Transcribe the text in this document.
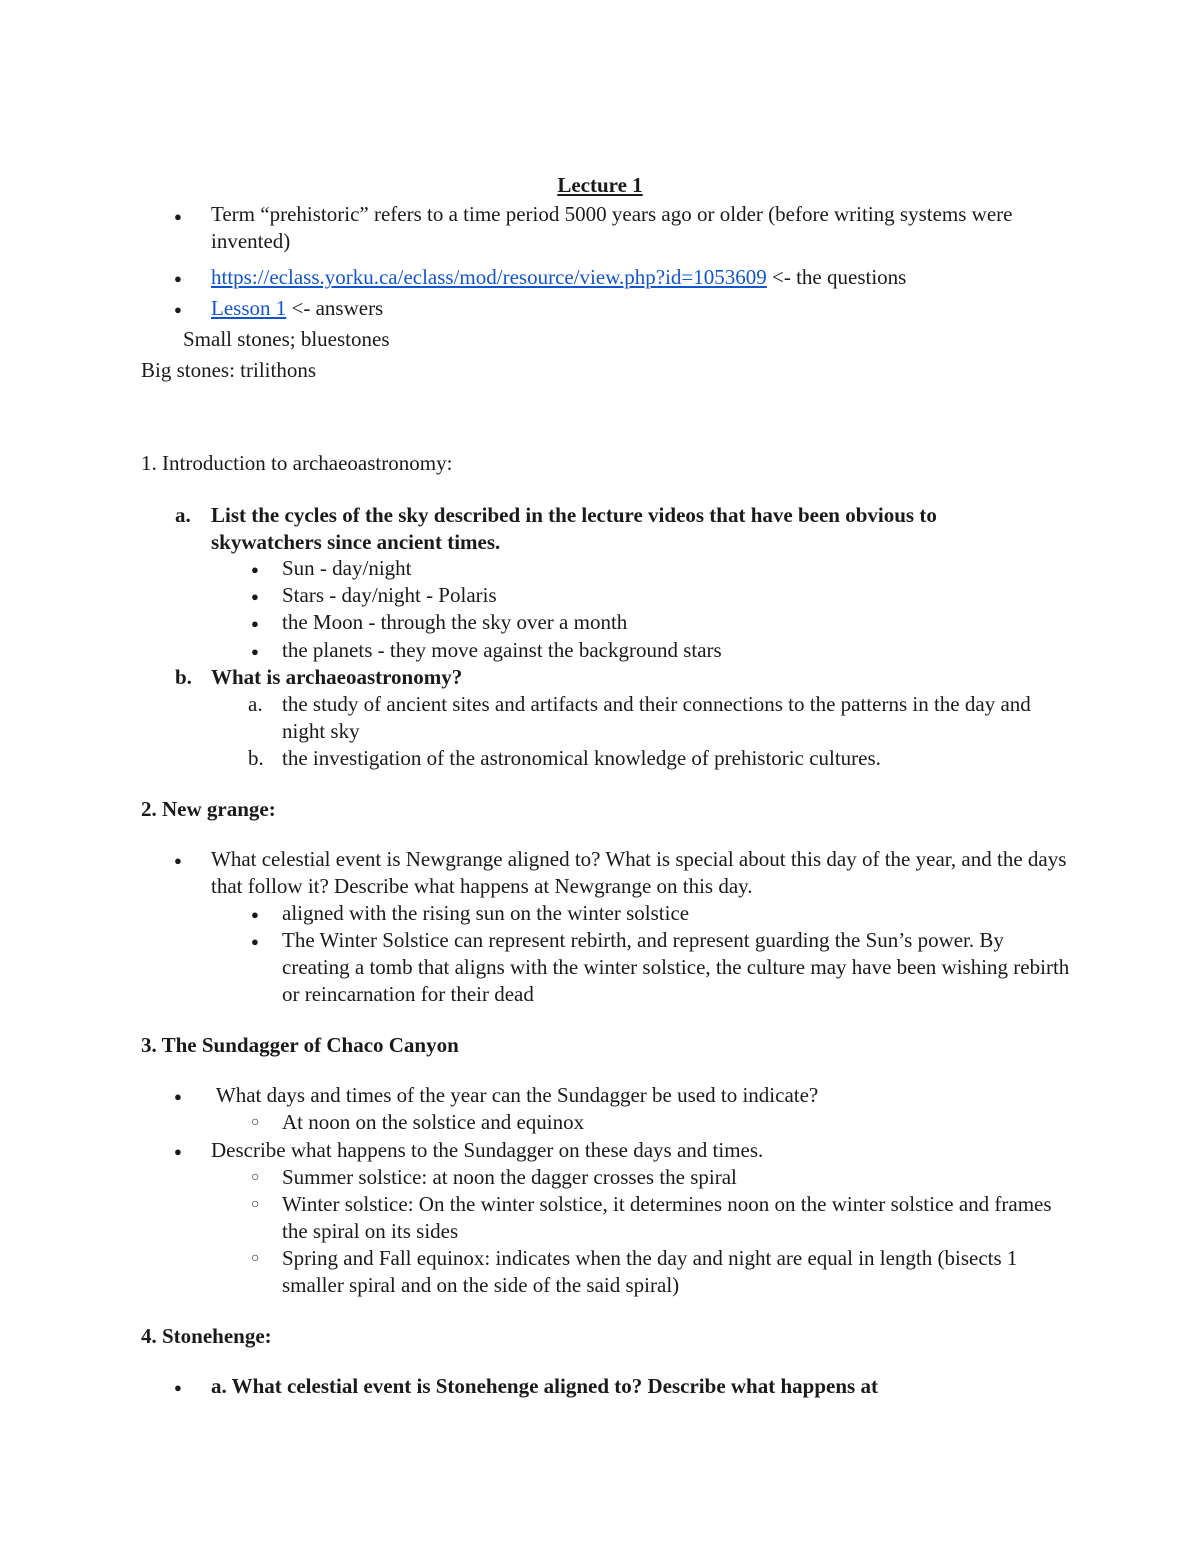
Lecture 1
● Term “prehistoric” refers to a time period 5000 years ago or older (before writing systems were invented)
● https://eclass.yorku.ca/eclass/mod/resource/view.php?id=1053609 <- the questions
● Lesson 1 <- answers
Small stones; bluestones
Big stones: trilithons
1. Introduction to archaeoastronomy:
a. List the cycles of the sky described in the lecture videos that have been obvious to skywatchers since ancient times.
● Sun - day/night
● Stars - day/night - Polaris
● the Moon - through the sky over a month
● the planets - they move against the background stars
b. What is archaeoastronomy?
a. the study of ancient sites and artifacts and their connections to the patterns in the day and night sky
b. the investigation of the astronomical knowledge of prehistoric cultures.
2. New grange:
● What celestial event is Newgrange aligned to? What is special about this day of the year, and the days that follow it? Describe what happens at Newgrange on this day.
● aligned with the rising sun on the winter solstice
● The Winter Solstice can represent rebirth, and represent guarding the Sun’s power. By creating a tomb that aligns with the winter solstice, the culture may have been wishing rebirth or reincarnation for their dead
3. The Sundagger of Chaco Canyon
● What days and times of the year can the Sundagger be used to indicate?
○ At noon on the solstice and equinox
● Describe what happens to the Sundagger on these days and times.
○ Summer solstice: at noon the dagger crosses the spiral
○ Winter solstice: On the winter solstice, it determines noon on the winter solstice and frames the spiral on its sides
○ Spring and Fall equinox: indicates when the day and night are equal in length (bisects 1 smaller spiral and on the side of the said spiral)
4. Stonehenge:
● a. What celestial event is Stonehenge aligned to? Describe what happens at
